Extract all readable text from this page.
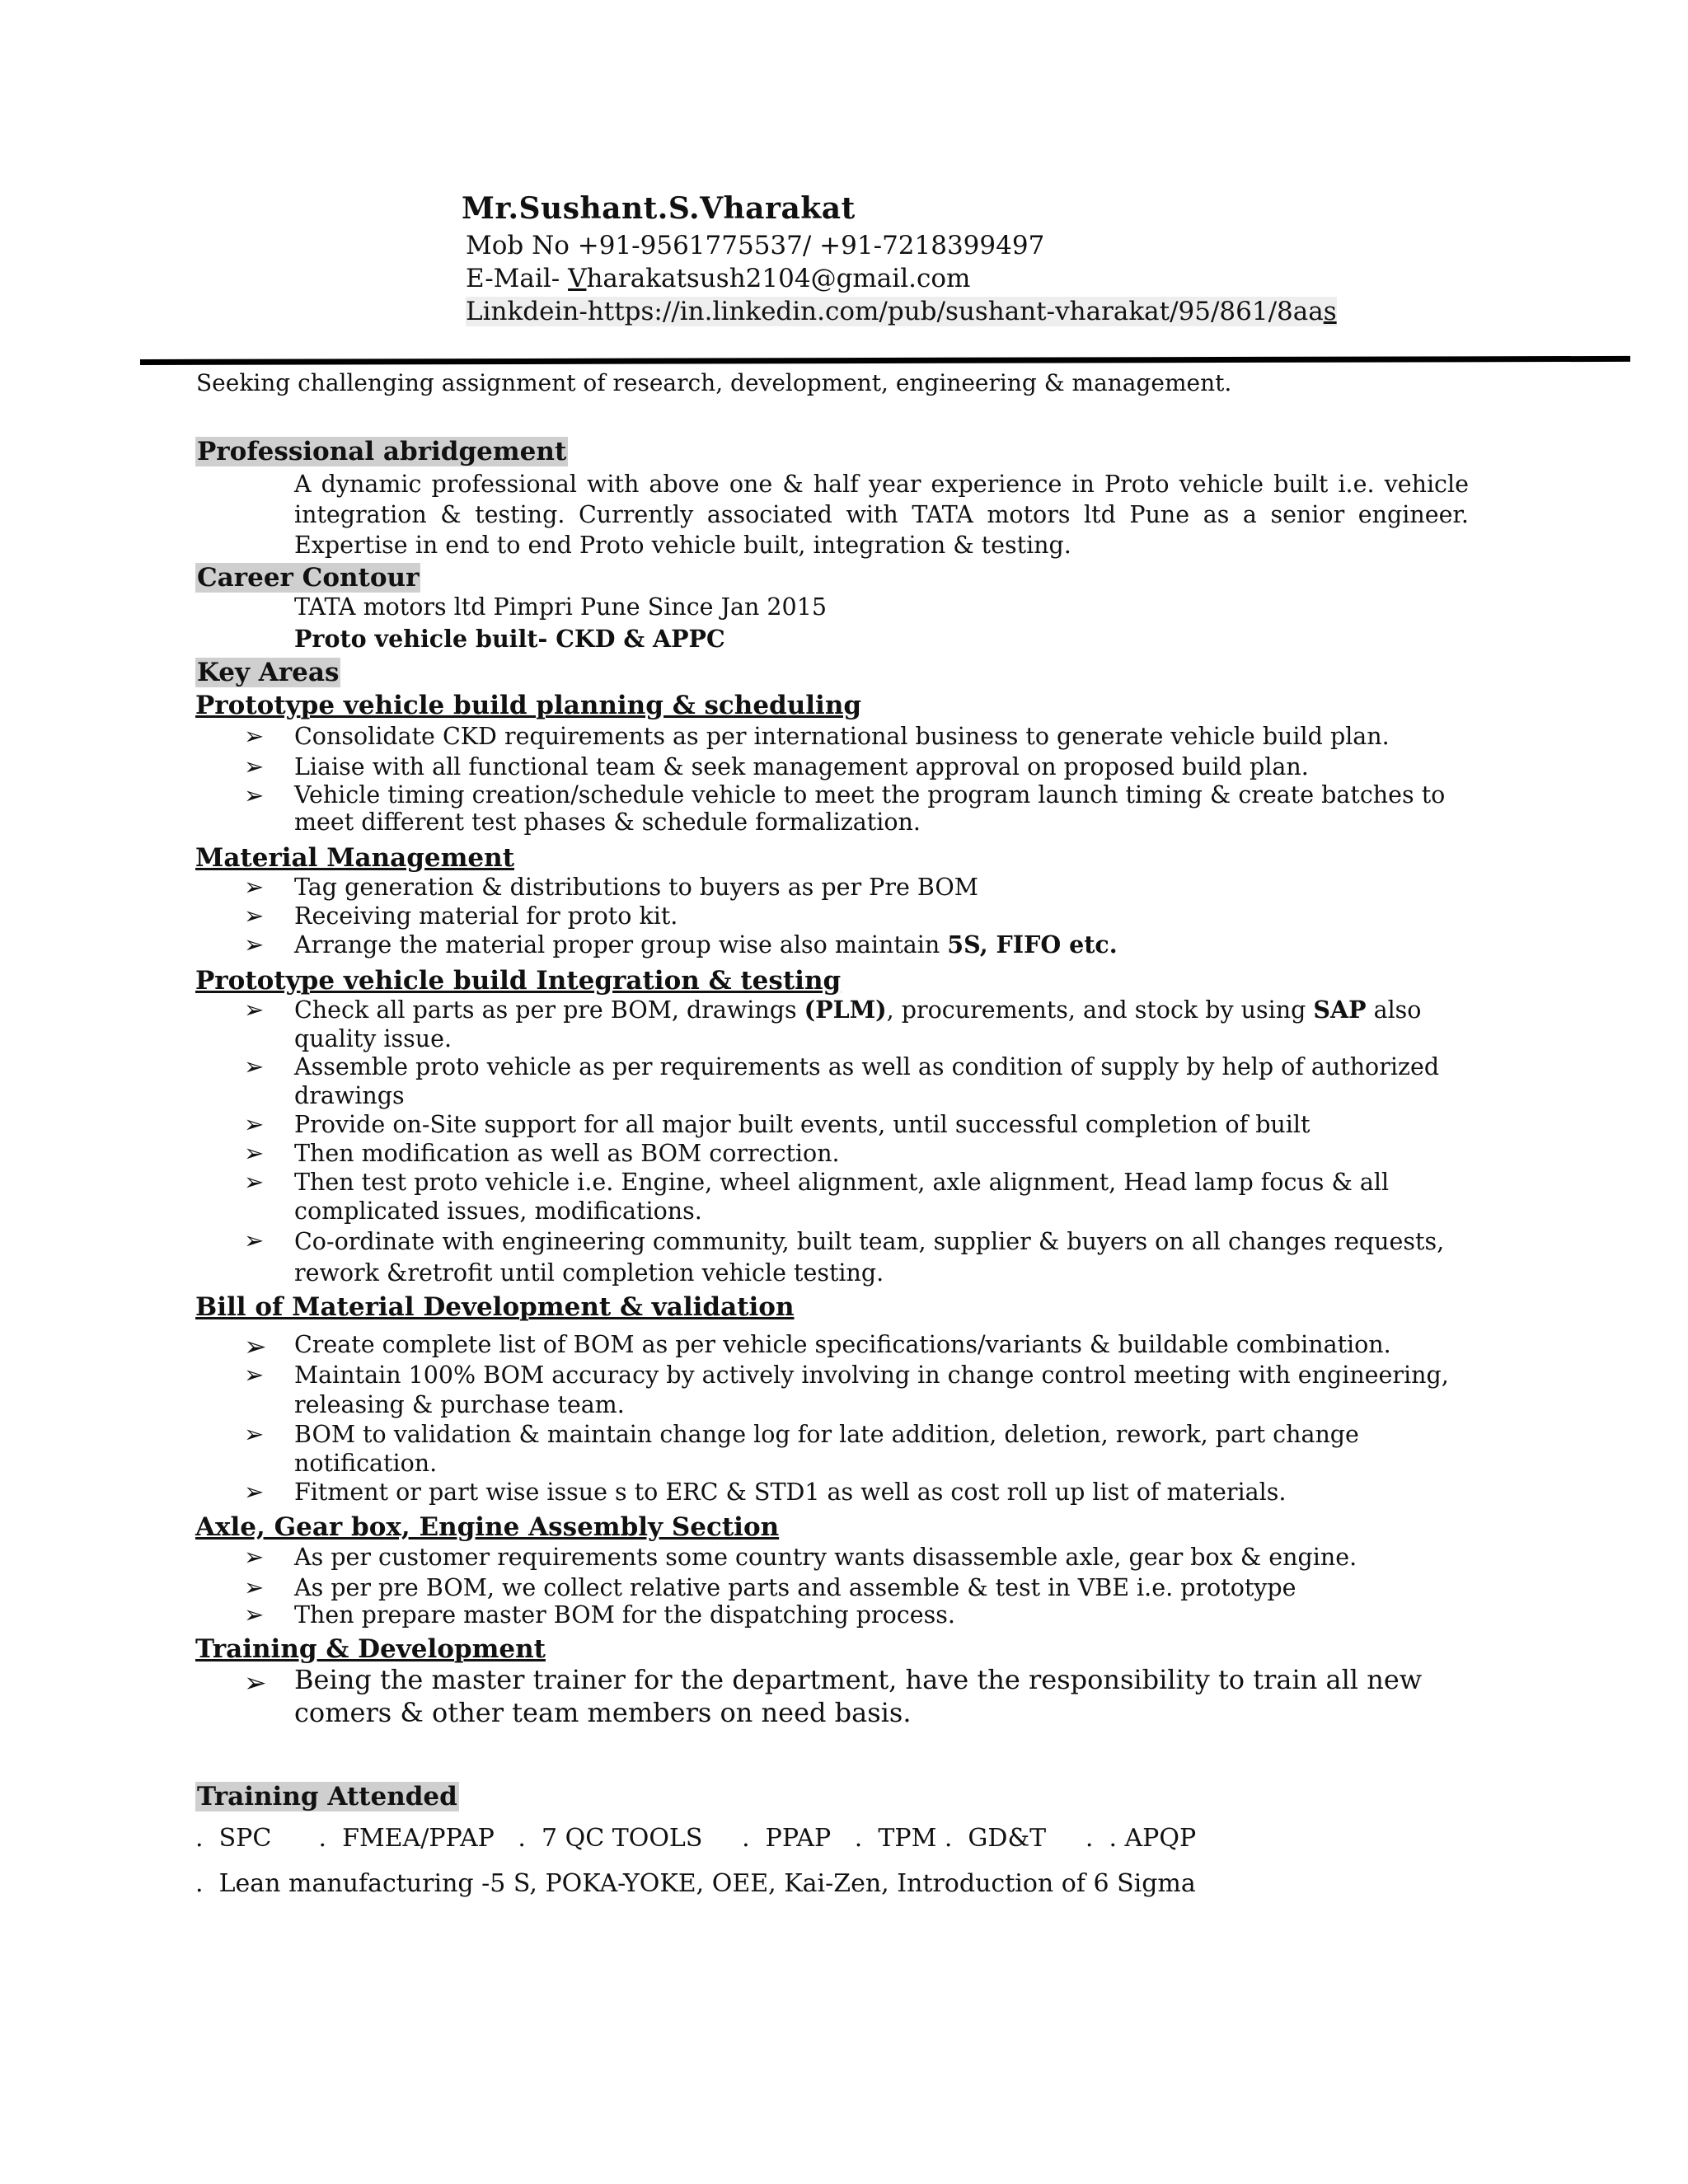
Mr.Sushant.S.Vharakat
Mob No +91-9561775537/ +91-7218399497
E-Mail- Vharakatsush2104@gmail.com
Linkdein-https://in.linkedin.com/pub/sushant-vharakat/95/861/8aas
Seeking challenging assignment of research, development, engineering & management.
Professional abridgement
A dynamic professional with above one & half year experience in Proto vehicle built i.e. vehicle
integration & testing. Currently associated with TATA motors ltd Pune as a senior engineer.
Expertise in end to end Proto vehicle built, integration & testing.
Career Contour
TATA motors ltd Pimpri Pune Since Jan 2015
Proto vehicle built- CKD & APPC
Key Areas
Prototype vehicle build planning & scheduling
➢ Consolidate CKD requirements as per international business to generate vehicle build plan.
➢ Liaise with all functional team & seek management approval on proposed build plan.
➢ Vehicle timing creation/schedule vehicle to meet the program launch timing & create batches to meet different test phases & schedule formalization.
Material Management
➢ Tag generation & distributions to buyers as per Pre BOM
➢ Receiving material for proto kit.
➢ Arrange the material proper group wise also maintain 5S, FIFO etc.
Prototype vehicle build Integration & testing
➢ Check all parts as per pre BOM, drawings (PLM), procurements, and stock by using SAP also quality issue.
➢ Assemble proto vehicle as per requirements as well as condition of supply by help of authorized drawings
➢ Provide on-Site support for all major built events, until successful completion of built
➢ Then modification as well as BOM correction.
➢ Then test proto vehicle i.e. Engine, wheel alignment, axle alignment, Head lamp focus & all complicated issues, modifications.
➢ Co-ordinate with engineering community, built team, supplier & buyers on all changes requests, rework &retrofit until completion vehicle testing.
Bill of Material Development & validation
➢ Create complete list of BOM as per vehicle specifications/variants & buildable combination.
➢ Maintain 100% BOM accuracy by actively involving in change control meeting with engineering, releasing & purchase team.
➢ BOM to validation & maintain change log for late addition, deletion, rework, part change notification.
➢ Fitment or part wise issue s to ERC & STD1 as well as cost roll up list of materials.
Axle, Gear box, Engine Assembly Section
➢ As per customer requirements some country wants disassemble axle, gear box & engine.
➢ As per pre BOM, we collect relative parts and assemble & test in VBE i.e. prototype
➢ Then prepare master BOM for the dispatching process.
Training & Development
➢ Being the master trainer for the department, have the responsibility to train all new comers & other team members on need basis.
Training Attended
.  SPC      .  FMEA/PPAP   .  7 QC TOOLS     .  PPAP   .  TPM .  GD&T     .  . APQP
.  Lean manufacturing -5 S, POKA-YOKE, OEE, Kai-Zen, Introduction of 6 Sigma
